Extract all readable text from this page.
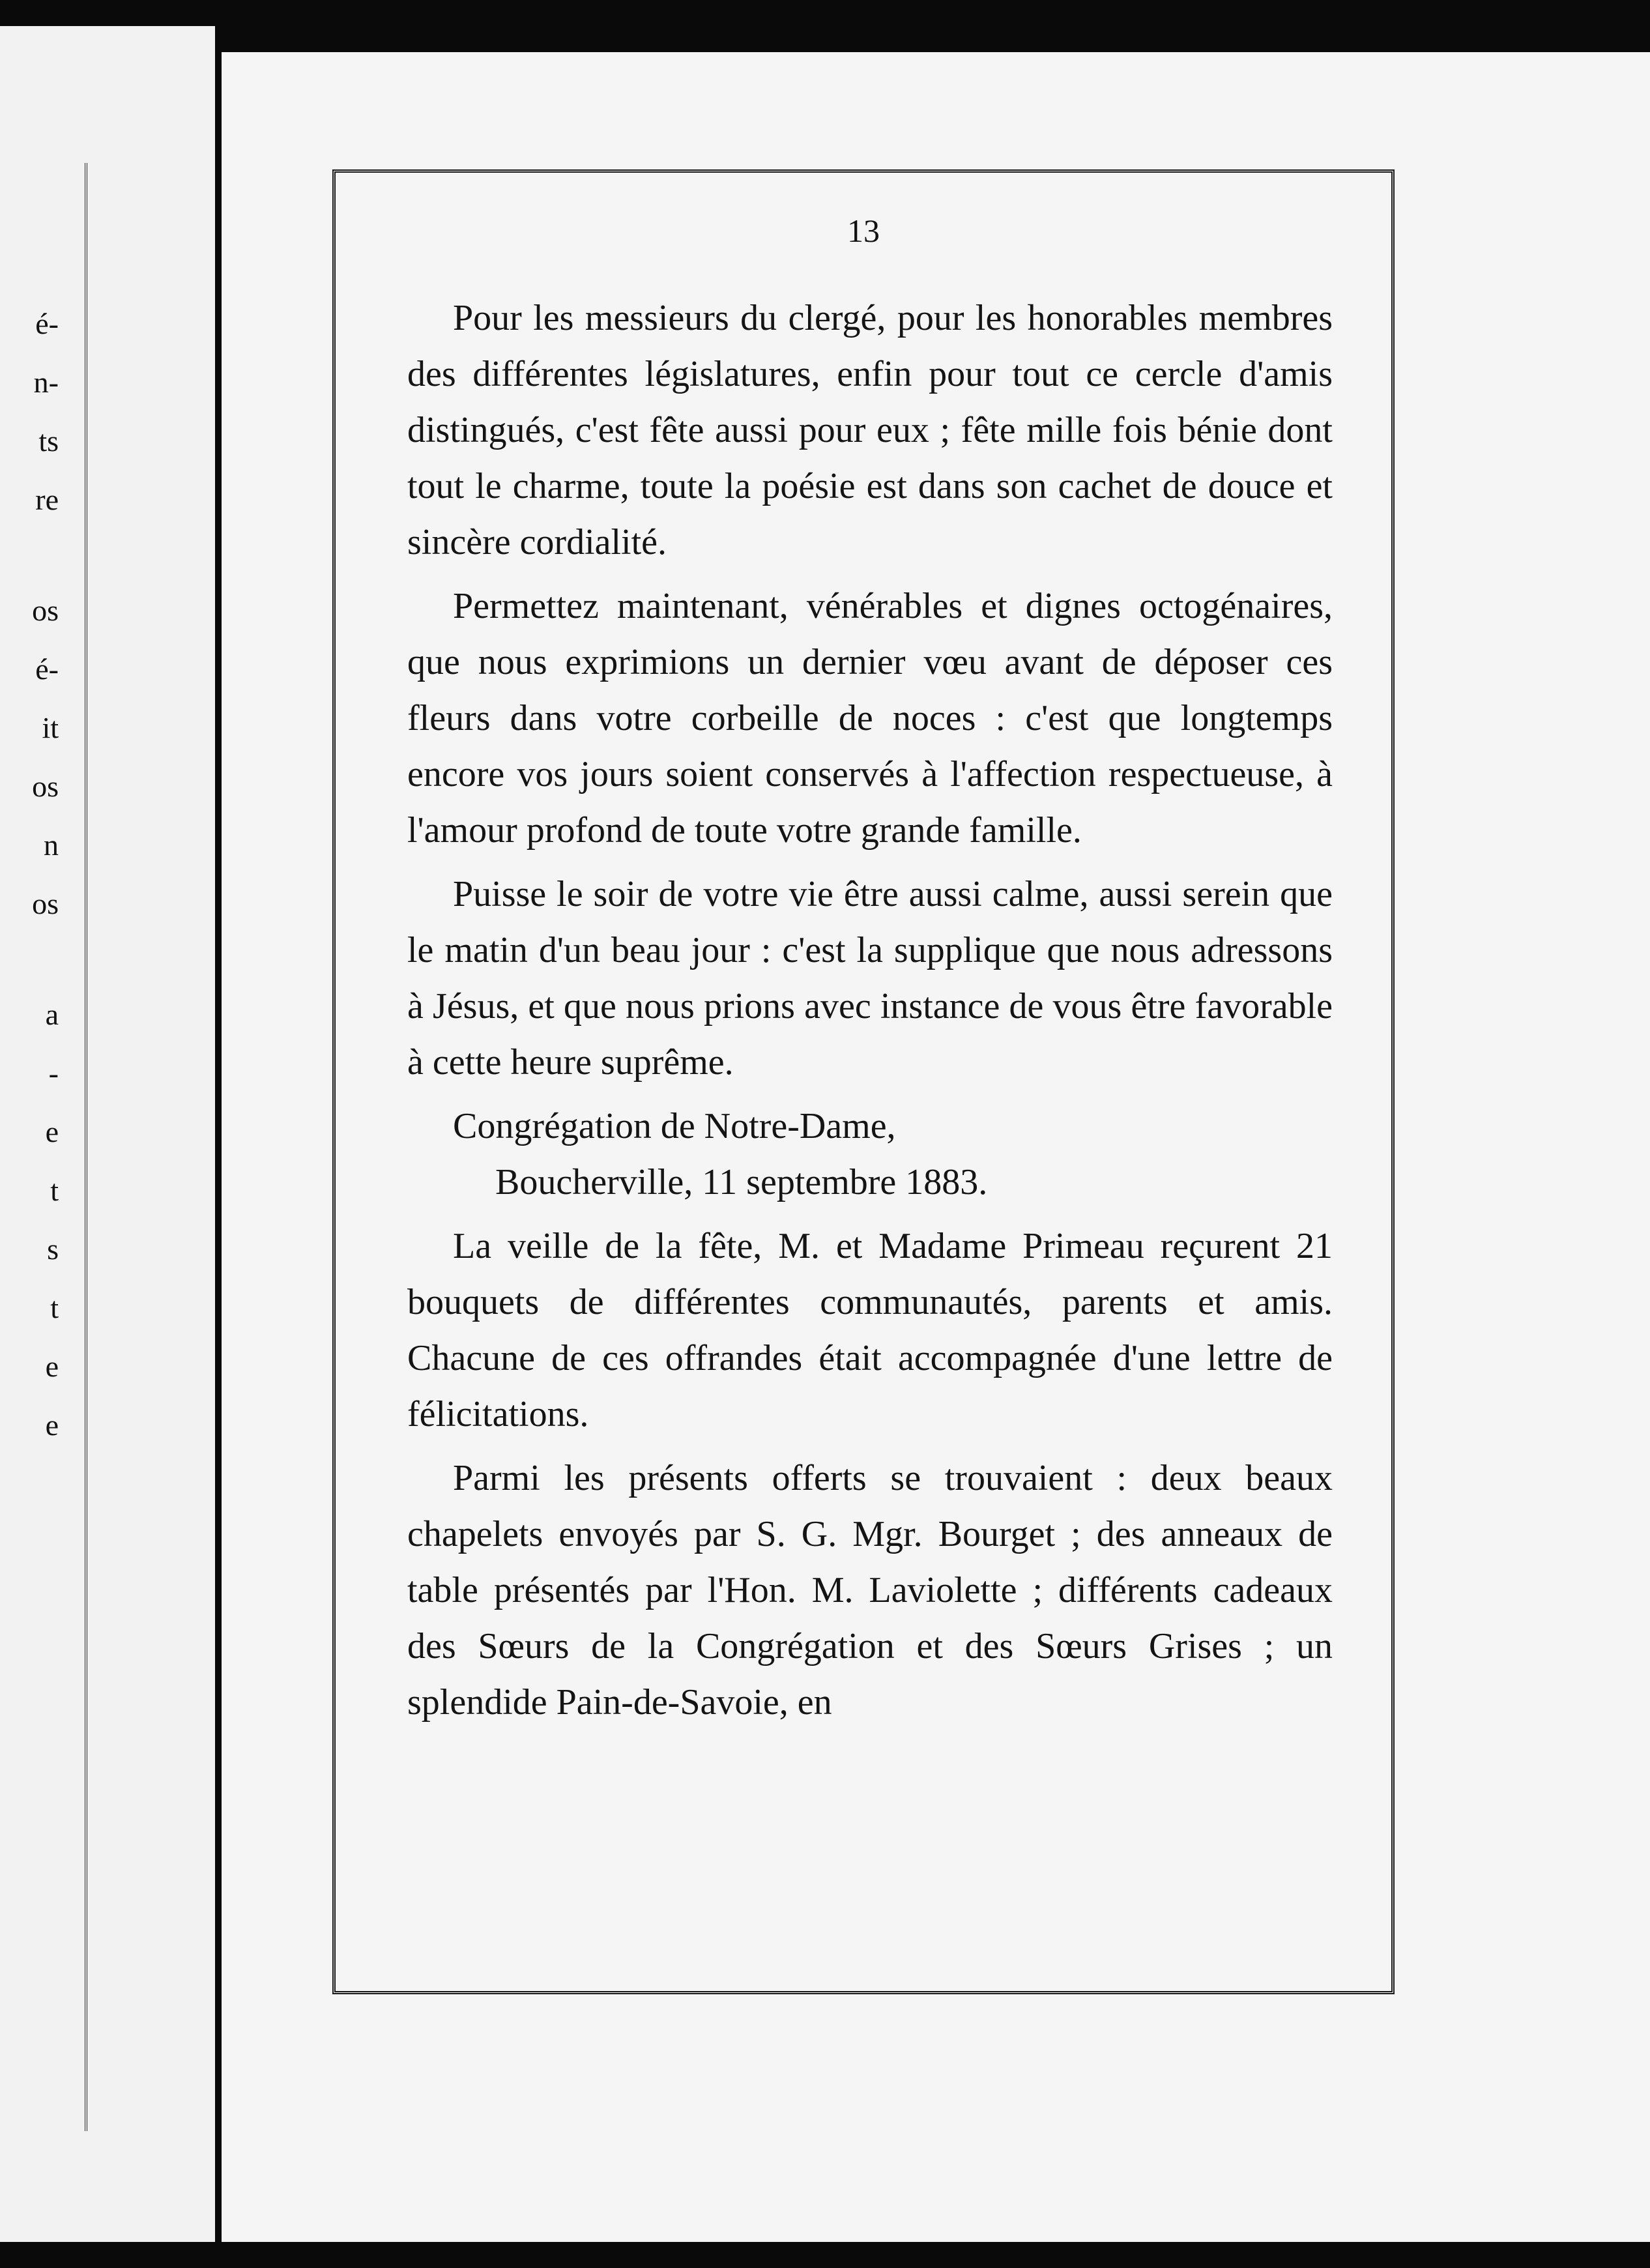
é-
n-
ts
re
os
é-
it
os
n
os
a
-
e
t
s
t
e
e
13

Pour les messieurs du clergé, pour les honorables membres des différentes législatures, enfin pour tout ce cercle d'amis distingués, c'est fête aussi pour eux ; fête mille fois bénie dont tout le charme, toute la poésie est dans son cachet de douce et sincère cordialité.

Permettez maintenant, vénérables et dignes octogénaires, que nous exprimions un dernier vœu avant de déposer ces fleurs dans votre corbeille de noces : c'est que longtemps encore vos jours soient conservés à l'affection respectueuse, à l'amour profond de toute votre grande famille.

Puisse le soir de votre vie être aussi calme, aussi serein que le matin d'un beau jour : c'est la supplique que nous adressons à Jésus, et que nous prions avec instance de vous être favorable à cette heure suprême.

Congrégation de Notre-Dame,

Boucherville, 11 septembre 1883.

La veille de la fête, M. et Madame Primeau reçurent 21 bouquets de différentes communautés, parents et amis. Chacune de ces offrandes était accompagnée d'une lettre de félicitations.

Parmi les présents offerts se trouvaient : deux beaux chapelets envoyés par S. G. Mgr. Bourget ; des anneaux de table présentés par l'Hon. M. Laviolette ; différents cadeaux des Sœurs de la Congrégation et des Sœurs Grises ; un splendide Pain-de-Savoie, en
